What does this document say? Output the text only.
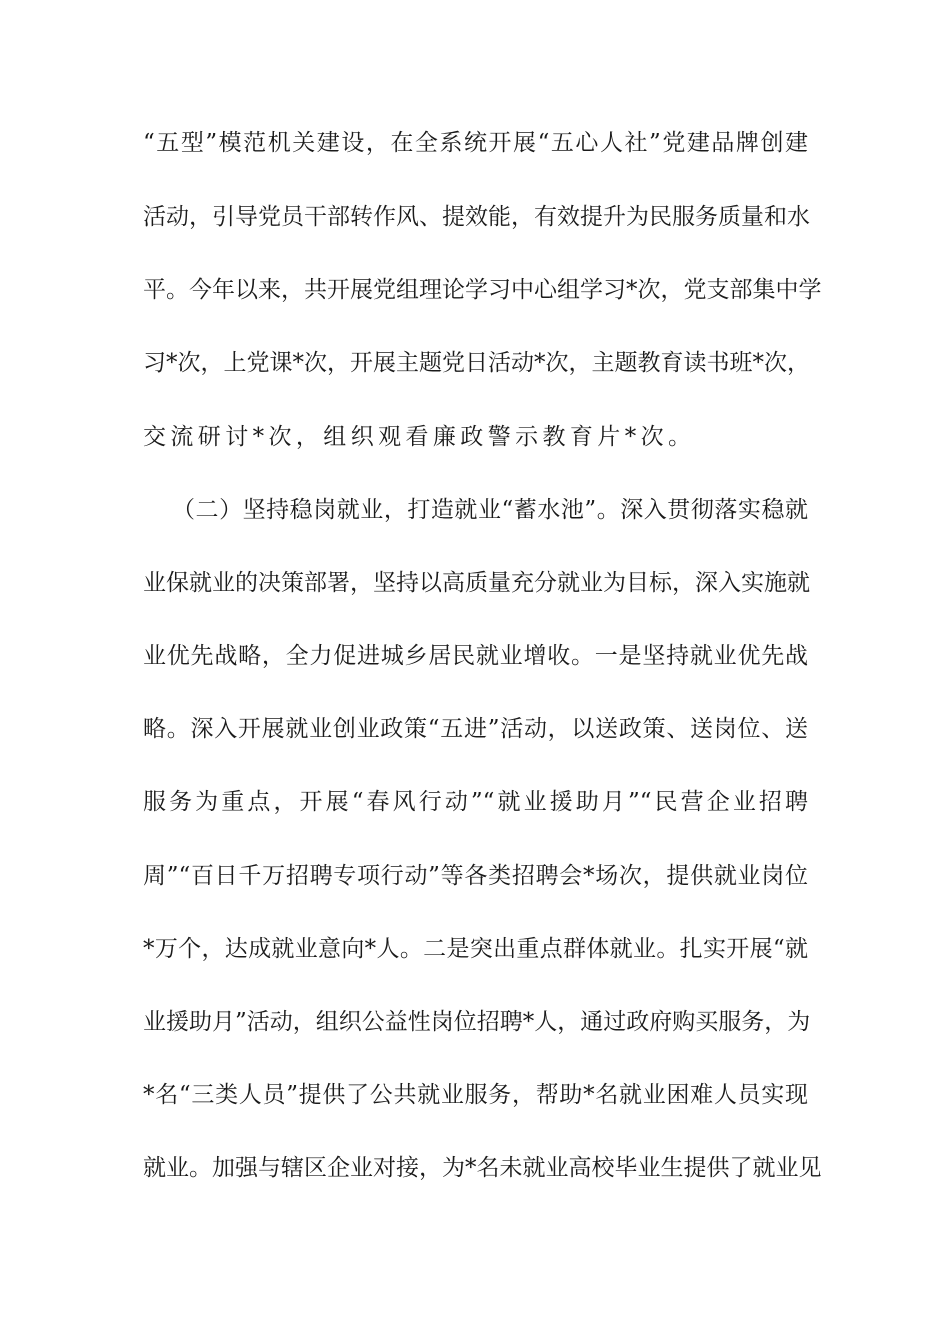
“五型”模范机关建设，在全系统开展“五心人社”党建品牌创建
活动，引导党员干部转作风、提效能，有效提升为民服务质量和水
平。今年以来，共开展党组理论学习中心组学习*次，党支部集中学
习*次，上党课*次，开展主题党日活动*次，主题教育读书班*次，
交流研讨*次，组织观看廉政警示教育片*次。
（二）坚持稳岗就业，打造就业“蓄水池”。深入贯彻落实稳就
业保就业的决策部署，坚持以高质量充分就业为目标，深入实施就
业优先战略，全力促进城乡居民就业增收。一是坚持就业优先战
略。深入开展就业创业政策“五进”活动，以送政策、送岗位、送
服务为重点，开展“春风行动”“就业援助月”“民营企业招聘
周”“百日千万招聘专项行动”等各类招聘会*场次，提供就业岗位
*万个，达成就业意向*人。二是突出重点群体就业。扎实开展“就
业援助月”活动，组织公益性岗位招聘*人，通过政府购买服务，为
*名“三类人员”提供了公共就业服务，帮助*名就业困难人员实现
就业。加强与辖区企业对接，为*名未就业高校毕业生提供了就业见
